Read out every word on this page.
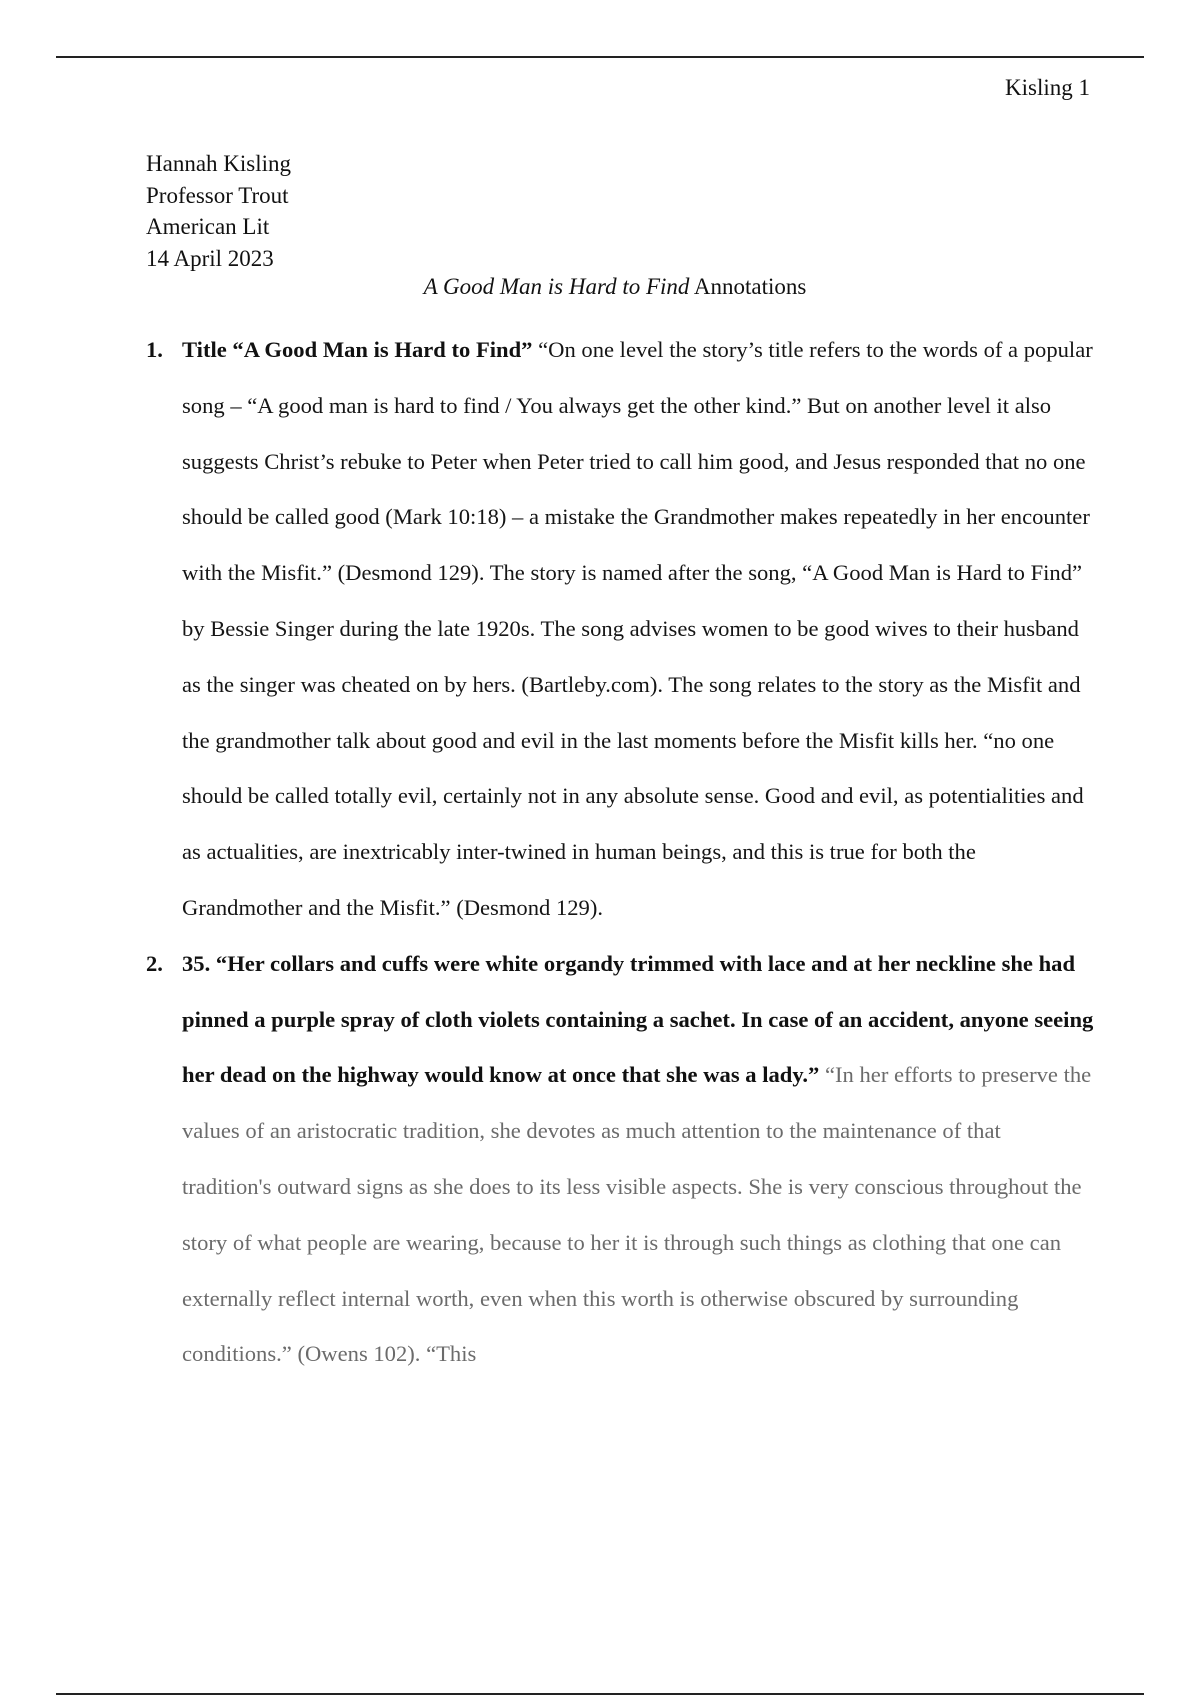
Kisling 1
Hannah Kisling
Professor Trout
American Lit
14 April 2023
A Good Man is Hard to Find Annotations
1. Title “A Good Man is Hard to Find” “On one level the story’s title refers to the words of a popular song – “A good man is hard to find / You always get the other kind.” But on another level it also suggests Christ’s rebuke to Peter when Peter tried to call him good, and Jesus responded that no one should be called good (Mark 10:18) – a mistake the Grandmother makes repeatedly in her encounter with the Misfit.” (Desmond 129). The story is named after the song, “A Good Man is Hard to Find” by Bessie Singer during the late 1920s. The song advises women to be good wives to their husband as the singer was cheated on by hers. (Bartleby.com). The song relates to the story as the Misfit and the grandmother talk about good and evil in the last moments before the Misfit kills her. “no one should be called totally evil, certainly not in any absolute sense. Good and evil, as potentialities and as actualities, are inextricably inter-twined in human beings, and this is true for both the Grandmother and the Misfit.” (Desmond 129).
2. 35. “Her collars and cuffs were white organdy trimmed with lace and at her neckline she had pinned a purple spray of cloth violets containing a sachet. In case of an accident, anyone seeing her dead on the highway would know at once that she was a lady.” “In her efforts to preserve the values of an aristocratic tradition, she devotes as much attention to the maintenance of that tradition's outward signs as she does to its less visible aspects. She is very conscious throughout the story of what people are wearing, because to her it is through such things as clothing that one can externally reflect internal worth, even when this worth is otherwise obscured by surrounding conditions.” (Owens 102). “This
